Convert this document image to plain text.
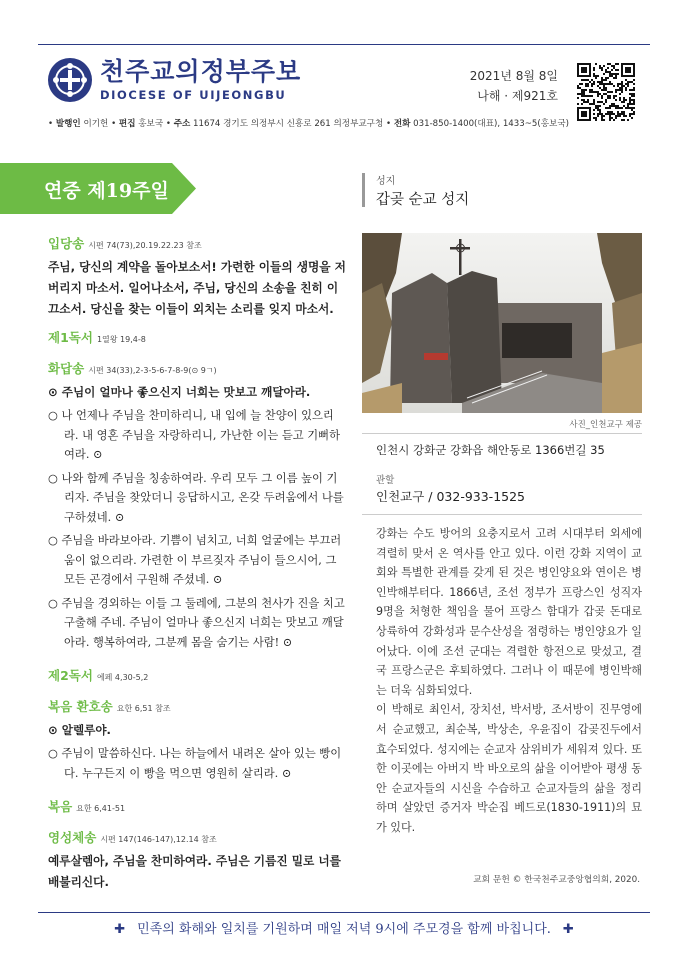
천주교의정부주보
DIOCESE OF UIJEONGBU
2021년 8월 8일
나해 · 제921호
• 발행인 이기헌 • 편집 홍보국 • 주소 11674 경기도 의정부시 신흥로 261 의정부교구청 • 전화 031-850-1400(대표), 1433~5(홍보국)
연중 제19주일
입당송 시편 74(73),20.19.22.23 참조
주님, 당신의 계약을 돌아보소서! 가련한 이들의 생명을 저버리지 마소서. 일어나소서, 주님, 당신의 소송을 친히 이끄소서. 당신을 찾는 이들이 외치는 소리를 잊지 마소서.
제1독서 1열왕 19,4-8
화답송 시편 34(33),2-3-5-6-7-8-9(⊙ 9ㄱ)
⊙ 주님이 얼마나 좋으신지 너희는 맛보고 깨달아라.
○ 나 언제나 주님을 찬미하리니, 내 입에 늘 찬양이 있으리라. 내 영혼 주님을 자랑하리니, 가난한 이는 듣고 기뻐하여라. ⊙
○ 나와 함께 주님을 칭송하여라. 우리 모두 그 이름 높이 기리자. 주님을 찾았더니 응답하시고, 온갖 두려움에서 나를 구하셨네. ⊙
○ 주님을 바라보아라. 기쁨이 넘치고, 너희 얼굴에는 부끄러움이 없으리라. 가련한 이 부르짖자 주님이 들으시어, 그 모든 곤경에서 구원해 주셨네. ⊙
○ 주님을 경외하는 이들 그 둘레에, 그분의 천사가 진을 치고 구출해 주네. 주님이 얼마나 좋으신지 너희는 맛보고 깨달아라. 행복하여라, 그분께 몸을 숨기는 사람! ⊙
제2독서 에페 4,30-5,2
복음 환호송 요한 6,51 참조
⊙ 알렐루야.
○ 주님이 말씀하신다. 나는 하늘에서 내려온 살아 있는 빵이다. 누구든지 이 빵을 먹으면 영원히 살리라. ⊙
복음 요한 6,41-51
영성체송 시편 147(146-147),12.14 참조
예루살렘아, 주님을 찬미하여라. 주님은 기름진 밀로 너를 배불리신다.
성지
갑곶 순교 성지
사진_인천교구 제공
인천시 강화군 강화읍 해안동로 1366번길 35
관할
인천교구 / 032-933-1525

강화는 수도 방어의 요충지로서 고려 시대부터 외세에 격렬히 맞서 온 역사를 안고 있다. 이런 강화 지역이 교회와 특별한 관계를 갖게 된 것은 병인양요와 연이은 병인박해부터다. 1866년, 조선 정부가 프랑스인 성직자 9명을 처형한 책임을 물어 프랑스 함대가 갑곶 돈대로 상륙하여 강화성과 문수산성을 점령하는 병인양요가 일어났다. 이에 조선 군대는 격렬한 항전으로 맞섰고, 결국 프랑스군은 후퇴하였다. 그러나 이 때문에 병인박해는 더욱 심화되었다.

이 박해로 최인서, 장치선, 박서방, 조서방이 진무영에서 순교했고, 최순복, 박상손, 우윤집이 갑곶진두에서 효수되었다. 성지에는 순교자 삼위비가 세워져 있다. 또한 이곳에는 아버지 박 바오로의 삶을 이어받아 평생 동안 순교자들의 시신을 수습하고 순교자들의 삶을 정리하며 살았던 증거자 박순집 베드로(1830-1911)의 묘가 있다.

교회 문헌 © 한국천주교중앙협의회, 2020.
✚ 민족의 화해와 일치를 기원하며 매일 저녁 9시에 주모경을 함께 바칩니다. ✚
